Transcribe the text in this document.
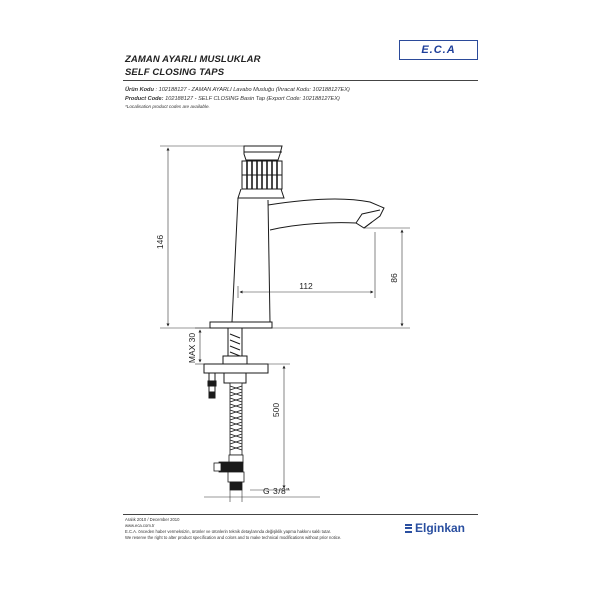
ZAMAN AYARLI MUSLUKLAR
SELF CLOSING TAPS
E.C.A
Ürün Kodu : 102188127 - ZAMAN AYARLI Lavabo Musluğu (İhracat Kodu: 102188127EX)
Product Code: 102188127 - SELF CLOSING Basin Tap (Export Code: 102188127EX)
*Localisation product codes are available.
146
112
86
MAX 30
500
G 3/8"
Aralık 2010 / December 2010
www.eca.com.tr
E.C.A. önceden haber vermeksizin, ürünler ve ürünlerin teknik detaylarında değişiklik yapma hakkını saklı tutar.
We reserve the right to alter product specification and colors and to make technical modifications without prior notice.
Elginkan
